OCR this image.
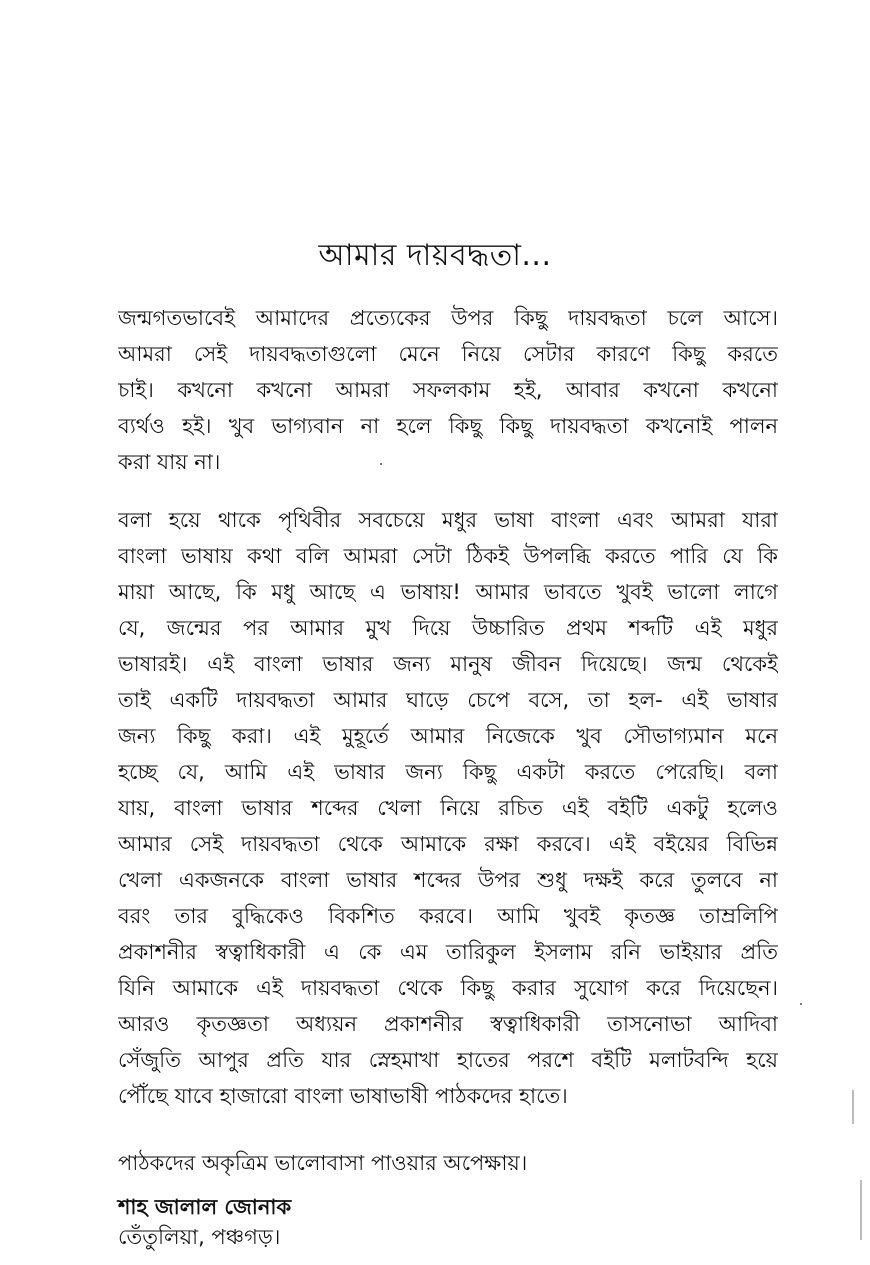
আমার দায়বদ্ধতা...
জন্মগতভাবেই আমাদের প্রত্যেকের উপর কিছু দায়বদ্ধতা চলে আসে।
আমরা সেই দায়বদ্ধতাগুলো মেনে নিয়ে সেটার কারণে কিছু করতে
চাই। কখনো কখনো আমরা সফলকাম হই, আবার কখনো কখনো
ব্যর্থও হই। খুব ভাগ্যবান না হলে কিছু কিছু দায়বদ্ধতা কখনোই পালন
করা যায় না।
বলা হয়ে থাকে পৃথিবীর সবচেয়ে মধুর ভাষা বাংলা এবং আমরা যারা
বাংলা ভাষায় কথা বলি আমরা সেটা ঠিকই উপলব্ধি করতে পারি যে কি
মায়া আছে, কি মধু আছে এ ভাষায়! আমার ভাবতে খুবই ভালো লাগে
যে, জন্মের পর আমার মুখ দিয়ে উচ্চারিত প্রথম শব্দটি এই মধুর
ভাষারই। এই বাংলা ভাষার জন্য মানুষ জীবন দিয়েছে। জন্ম থেকেই
তাই একটি দায়বদ্ধতা আমার ঘাড়ে চেপে বসে, তা হল- এই ভাষার
জন্য কিছু করা। এই মুহূর্তে আমার নিজেকে খুব সৌভাগ্যমান মনে
হচ্ছে যে, আমি এই ভাষার জন্য কিছু একটা করতে পেরেছি। বলা
যায়, বাংলা ভাষার শব্দের খেলা নিয়ে রচিত এই বইটি একটু হলেও
আমার সেই দায়বদ্ধতা থেকে আমাকে রক্ষা করবে। এই বইয়ের বিভিন্ন
খেলা একজনকে বাংলা ভাষার শব্দের উপর শুধু দক্ষই করে তুলবে না
বরং তার বুদ্ধিকেও বিকশিত করবে। আমি খুবই কৃতজ্ঞ তাম্রলিপি
প্রকাশনীর স্বত্বাধিকারী এ কে এম তারিকুল ইসলাম রনি ভাইয়ার প্রতি
যিনি আমাকে এই দায়বদ্ধতা থেকে কিছু করার সুযোগ করে দিয়েছেন।
আরও কৃতজ্ঞতা অধ্যয়ন প্রকাশনীর স্বত্বাধিকারী তাসনোভা আদিবা
সেঁজুতি আপুর প্রতি যার স্নেহমাখা হাতের পরশে বইটি মলাটবন্দি হয়ে
পৌঁছে যাবে হাজারো বাংলা ভাষাভাষী পাঠকদের হাতে।
পাঠকদের অকৃত্রিম ভালোবাসা পাওয়ার অপেক্ষায়।
শাহ জালাল জোনাক
তেঁতুলিয়া, পঞ্চগড়।
